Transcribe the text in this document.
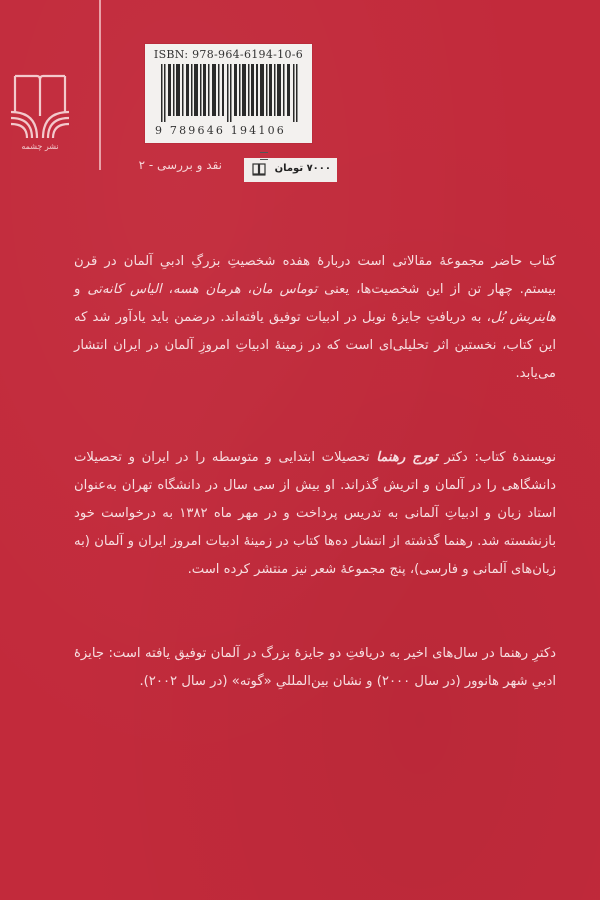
نشر چشمه
ISBN: 978-964-6194-10-6
9 789646 194106
۷۰۰۰ تومان
نقد و بررسی - ۲

کتاب حاضر مجموعهٔ مقالاتی است دربارهٔ هفده شخصیتِ بزرگِ ادبیِ آلمان در قرن بیستم. چهار تن از این شخصیت‌ها، یعنی توماس مان، هرمان هسه، الیاس کانه‌تی و هاینریش بُل، به دریافتِ جایزهٔ نوبل در ادبیات توفیق یافته‌اند. درضمن باید یادآور شد که این کتاب، نخستین اثر تحلیلی‌ای است که در زمینهٔ ادبیاتِ امروزِ آلمان در ایران انتشار می‌یابد.

نویسندهٔ کتاب: دکتر تورج رهنما تحصیلات ابتدایی و متوسطه را در ایران و تحصیلات دانشگاهی را در آلمان و اتریش گذراند. او بیش از سی سال در دانشگاه تهران به‌عنوان استاد زبان و ادبیاتِ آلمانی به تدریس پرداخت و در مهر ماه ۱۳۸۲ به درخواست خود بازنشسته شد. رهنما گذشته از انتشار ده‌ها کتاب در زمینهٔ ادبیات امروز ایران و آلمان (به زبان‌های آلمانی و فارسی)، پنج مجموعهٔ شعر نیز منتشر کرده است.

دکترِ رهنما در سال‌های اخیر به دریافتِ دو جایزهٔ بزرگ در آلمان توفیق یافته است: جایزهٔ ادبیِ شهر هانوور (در سال ۲۰۰۰) و نشان بین‌المللیِ «گوته» (در سال ۲۰۰۲).
